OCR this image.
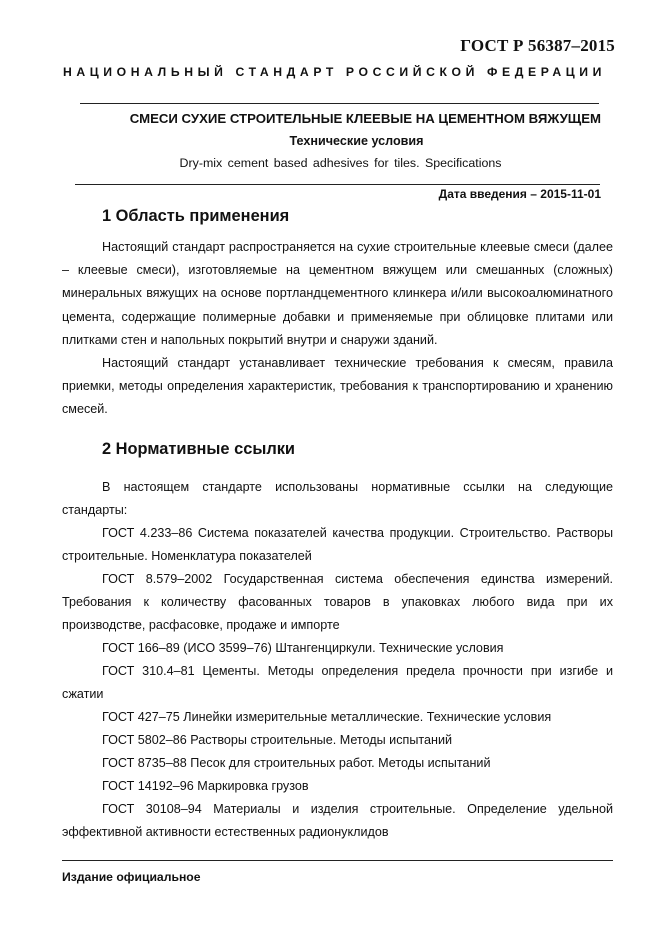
ГОСТ Р 56387–2015
НАЦИОНАЛЬНЫЙ СТАНДАРТ РОССИЙСКОЙ ФЕДЕРАЦИИ
СМЕСИ СУХИЕ СТРОИТЕЛЬНЫЕ КЛЕЕВЫЕ НА ЦЕМЕНТНОМ ВЯЖУЩЕМ
Технические условия
Dry-mix cement based adhesives for tiles. Specifications
Дата введения – 2015-11-01
1 Область применения
Настоящий стандарт распространяется на сухие строительные клеевые смеси (далее – клеевые смеси), изготовляемые на цементном вяжущем или смешанных (сложных) минеральных вяжущих на основе портландцементного клинкера и/или высокоалюминатного цемента, содержащие полимерные добавки и применяемые при облицовке плитами или плитками стен и напольных покрытий внутри и снаружи зданий.
Настоящий стандарт устанавливает технические требования к смесям, правила приемки, методы определения характеристик, требования к транспортированию и хранению смесей.
2 Нормативные ссылки
В настоящем стандарте использованы нормативные ссылки на следующие стандарты:
ГОСТ 4.233–86 Система показателей качества продукции. Строительство. Растворы строительные. Номенклатура показателей
ГОСТ 8.579–2002 Государственная система обеспечения единства измерений. Требования к количеству фасованных товаров в упаковках любого вида при их производстве, расфасовке, продаже и импорте
ГОСТ 166–89 (ИСО 3599–76) Штангенциркули. Технические условия
ГОСТ 310.4–81 Цементы. Методы определения предела прочности при изгибе и сжатии
ГОСТ 427–75 Линейки измерительные металлические. Технические условия
ГОСТ 5802–86 Растворы строительные. Методы испытаний
ГОСТ 8735–88 Песок для строительных работ. Методы испытаний
ГОСТ 14192–96 Маркировка грузов
ГОСТ 30108–94 Материалы и изделия строительные. Определение удельной эффективной активности естественных радионуклидов
Издание официальное
